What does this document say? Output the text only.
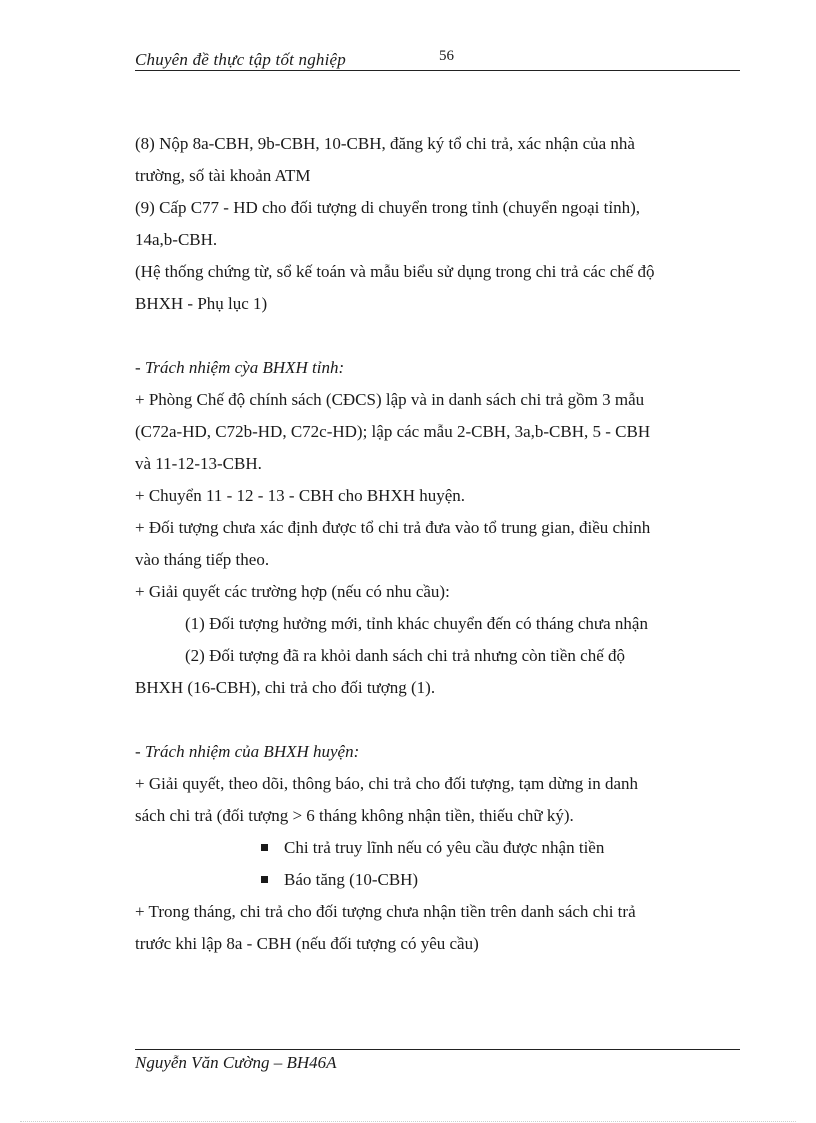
Chuyên đề thực tập tốt nghiệp	56
(8) Nộp 8a-CBH, 9b-CBH, 10-CBH, đăng ký tổ chi trả, xác nhận của nhà
trường, số tài khoản ATM
(9) Cấp C77 - HD cho đối tượng di chuyển trong tỉnh (chuyển ngoại tỉnh),
14a,b-CBH.
(Hệ thống chứng từ, sổ kế toán và mẫu biểu sử dụng trong chi trả các chế độ
BHXH - Phụ lục 1)
- Trách nhiệm cỳa BHXH tỉnh:
+ Phòng Chế độ chính sách (CĐCS) lập và in danh sách chi trả gồm 3 mẫu
(C72a-HD, C72b-HD, C72c-HD); lập các mẫu 2-CBH, 3a,b-CBH, 5 - CBH
và 11-12-13-CBH.
+ Chuyển 11 - 12 - 13 - CBH cho BHXH huyện.
+ Đối tượng chưa xác định được tổ chi trả đưa vào tổ trung gian, điều chỉnh
vào tháng tiếp theo.
+ Giải quyết các trường hợp (nếu có nhu cầu):
(1) Đối tượng hưởng mới, tỉnh khác chuyển đến có tháng chưa nhận
(2) Đối tượng đã ra khỏi danh sách chi trả nhưng còn tiền chế độ
BHXH (16-CBH), chi trả cho đối tượng (1).
- Trách nhiệm của BHXH huyện:
+ Giải quyết, theo dõi, thông báo, chi trả cho đối tượng, tạm dừng in danh
sách chi trả (đối tượng > 6 tháng không nhận tiền, thiếu chữ ký).
Chi trả truy lĩnh nếu có yêu cầu được nhận tiền
Báo tăng (10-CBH)
+ Trong tháng, chi trả cho đối tượng chưa nhận tiền trên danh sách chi trả
trước khi lập 8a - CBH (nếu đối tượng có yêu cầu)
Nguyễn Văn Cường – BH46A
